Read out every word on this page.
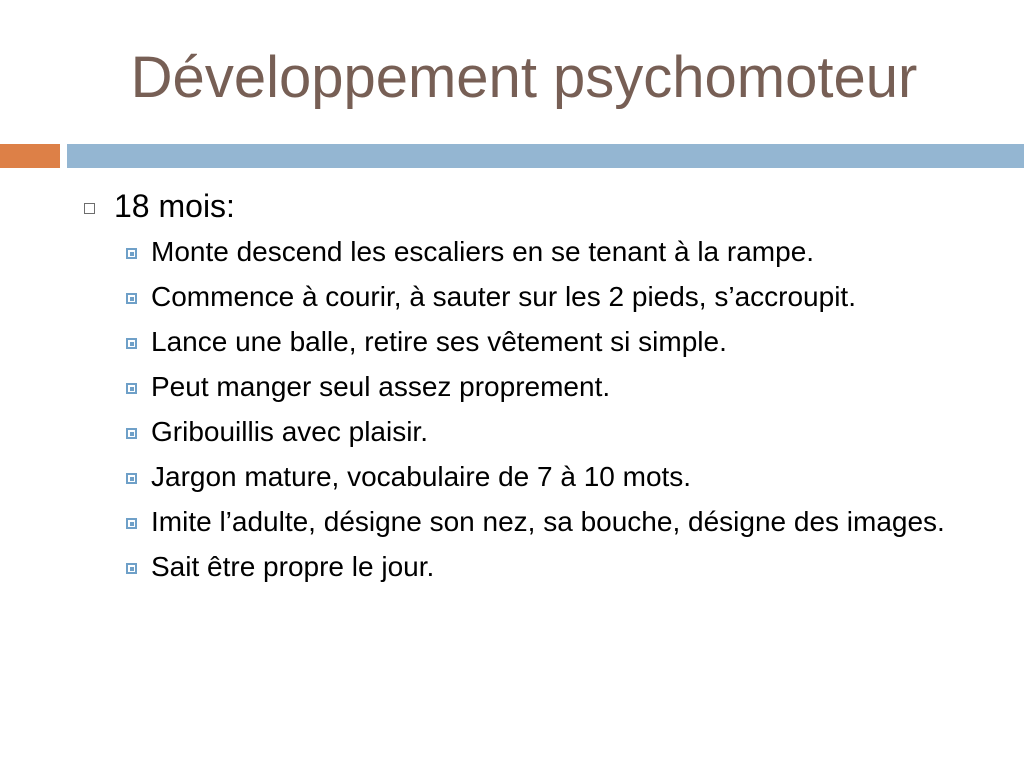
Développement psychomoteur
18 mois:
Monte descend les escaliers en se tenant à la rampe.
Commence à courir, à sauter sur les 2 pieds, s’accroupit.
Lance une balle, retire ses vêtement si simple.
Peut manger seul assez proprement.
Gribouillis avec plaisir.
Jargon mature, vocabulaire de 7 à 10 mots.
Imite l’adulte, désigne son nez, sa bouche, désigne des images.
Sait être propre le jour.
